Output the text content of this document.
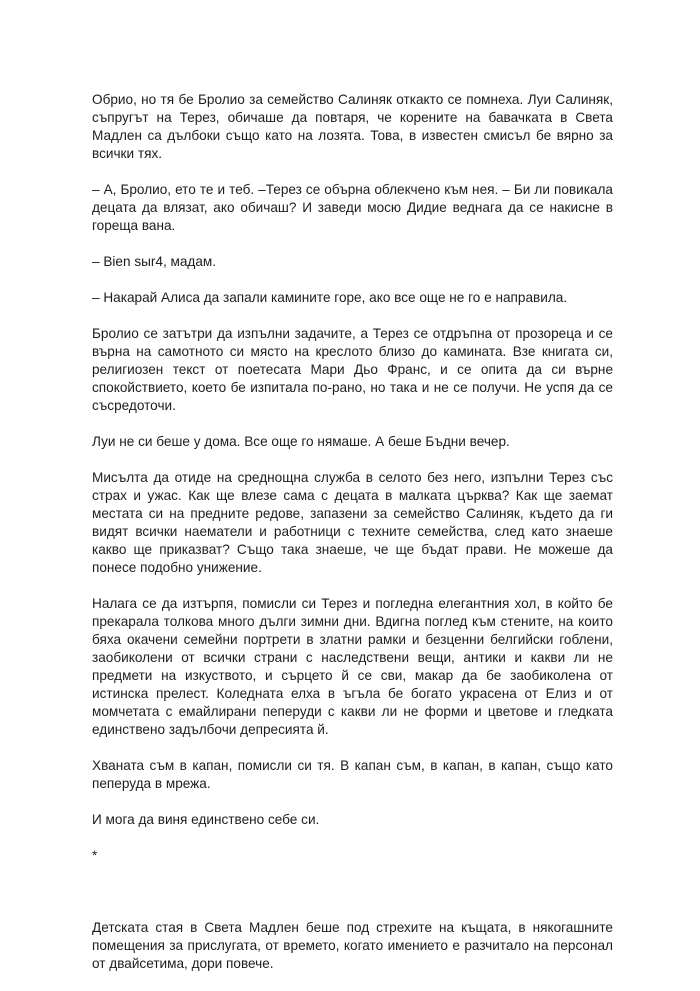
Обрио, но тя бе Бролио за семейство Салиняк откакто се помнеха. Луи Салиняк, съпругът на Терез, обичаше да повтаря, че корените на бавачката в Света Мадлен са дълбоки също като на лозята. Това, в известен смисъл бе вярно за всички тях.

– А, Бролио, ето те и теб. –Терез се обърна облекчено към нея. – Би ли повикала децата да влязат, ако обичаш? И заведи мосю Дидие веднага да се накисне в гореща вана.

– Bien sыr4, мадам.

– Накарай Алиса да запали камините горе, ако все още не го е направила.

Бролио се затътри да изпълни задачите, а Терез се отдръпна от прозореца и се върна на самотното си място на креслото близо до камината. Взе книгата си, религиозен текст от поетесата Мари Дьо Франс, и се опита да си върне спокойствието, което бе изпитала по-рано, но така и не се получи. Не успя да се съсредоточи.

Луи не си беше у дома. Все още го нямаше. А беше Бъдни вечер.

Мисълта да отиде на среднощна служба в селото без него, изпълни Терез със страх и ужас. Как ще влезе сама с децата в малката църква? Как ще заемат местата си на предните редове, запазени за семейство Салиняк, където да ги видят всички наематели и работници с техните семейства, след като знаеше какво ще приказват? Също така знаеше, че ще бъдат прави. Не можеше да понесе подобно унижение.

Налага се да изтърпя, помисли си Терез и погледна елегантния хол, в който бе прекарала толкова много дълги зимни дни. Вдигна поглед към стените, на които бяха окачени семейни портрети в златни рамки и безценни белгийски гоблени, заобиколени от всички страни с наследствени вещи, антики и какви ли не предмети на изкуството, и сърцето й се сви, макар да бе заобиколена от истинска прелест. Коледната елха в ъгъла бе богато украсена от Елиз и от момчетата с емайлирани пеперуди с какви ли не форми и цветове и гледката единствено задълбочи депресията й.

Хваната съм в капан, помисли си тя. В капан съм, в капан, в капан, също като пеперуда в мрежа.

И мога да виня единствено себе си.

*

Детската стая в Света Мадлен беше под стрехите на къщата, в някогашните помещения за прислугата, от времето, когато имението е разчитало на персонал от двайсетима, дори повече.
